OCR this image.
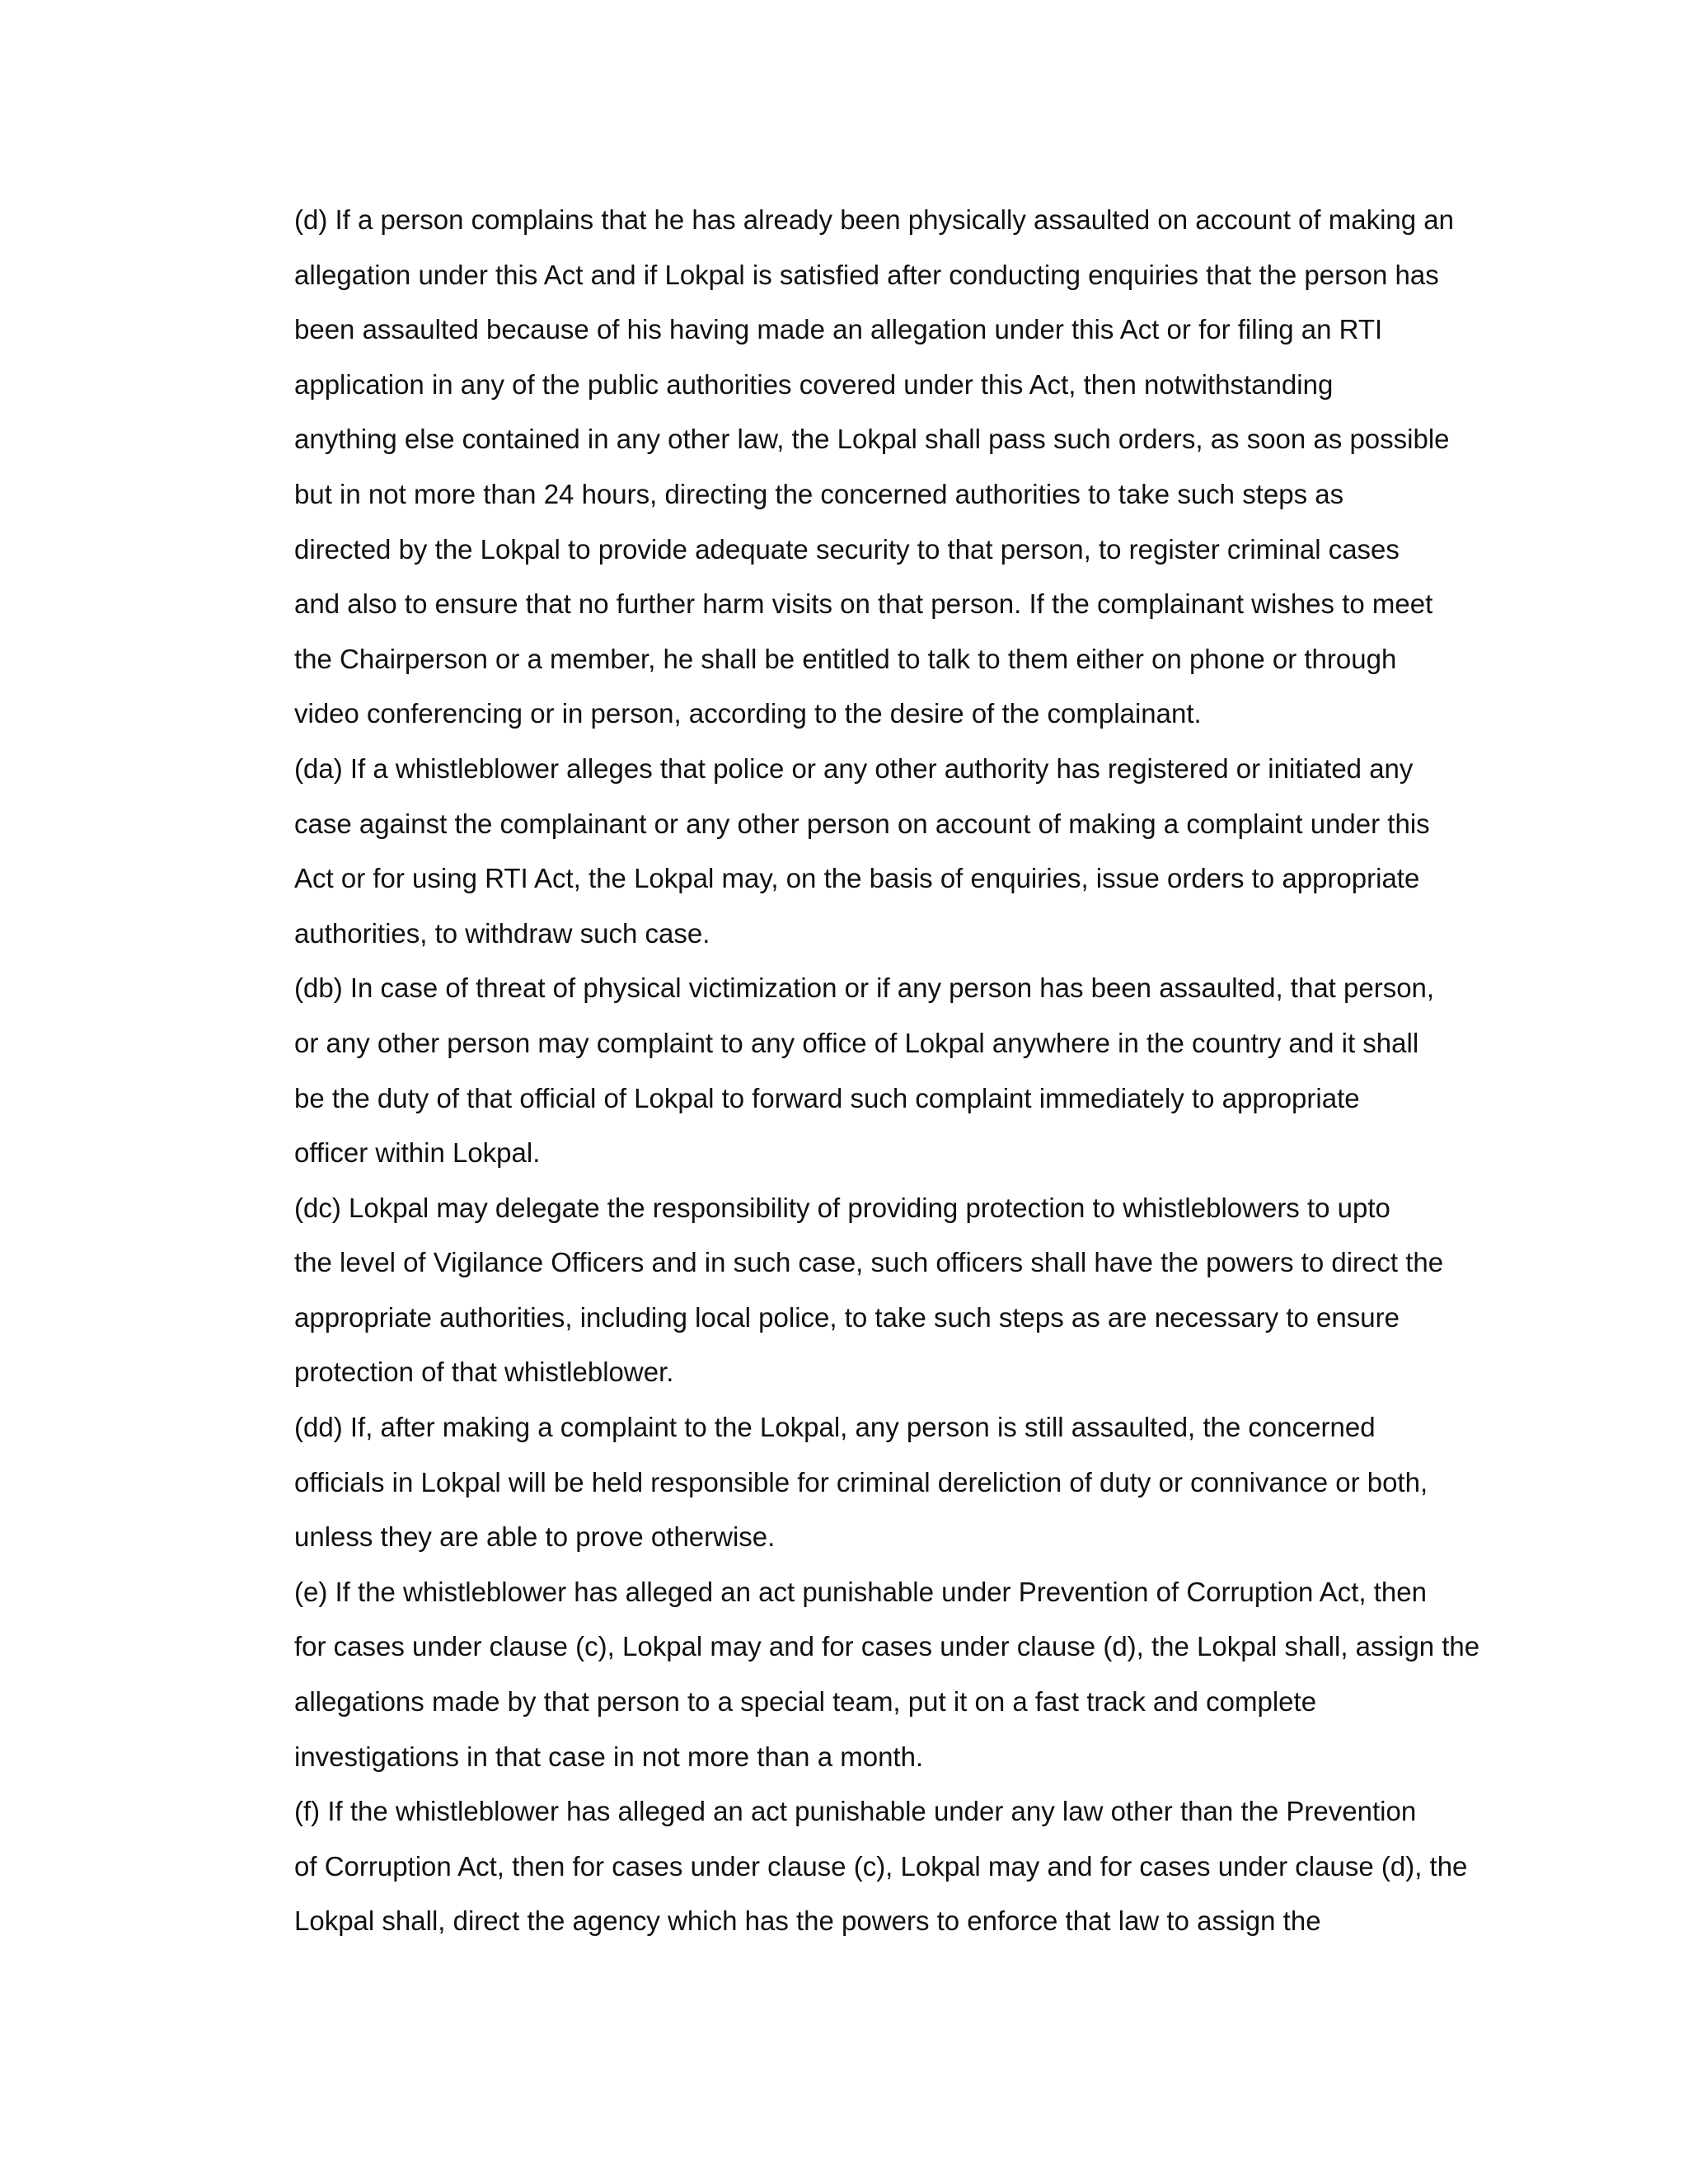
(d) If a person complains that he has already been physically assaulted on account of making an
allegation under this Act and if Lokpal is satisfied after conducting enquiries that the person has
been assaulted because of his having made an allegation under this Act or for filing an RTI
application in any of the public authorities covered under this Act, then notwithstanding
anything else contained in any other law, the Lokpal shall pass such orders, as soon as possible
but in not more than 24 hours, directing the concerned authorities to take such steps as
directed by the Lokpal to provide adequate security to that person, to register criminal cases
and also to ensure that no further harm visits on that person. If the complainant wishes to meet
the Chairperson or a member, he shall be entitled to talk to them either on phone or through
video conferencing or in person, according to the desire of the complainant.
(da) If a whistleblower alleges that police or any other authority has registered or initiated any
case against the complainant or any other person on account of making a complaint under this
Act or for using RTI Act, the Lokpal may, on the basis of enquiries, issue orders to appropriate
authorities, to withdraw such case.
(db) In case of threat of physical victimization or if any person has been assaulted, that person,
or any other person may complaint to any office of Lokpal anywhere in the country and it shall
be the duty of that official of Lokpal to forward such complaint immediately to appropriate
officer within Lokpal.
(dc) Lokpal may delegate the responsibility of providing protection to whistleblowers to upto
the level of Vigilance Officers and in such case, such officers shall have the powers to direct the
appropriate authorities, including local police, to take such steps as are necessary to ensure
protection of that whistleblower.
(dd) If, after making a complaint to the Lokpal, any person is still assaulted, the concerned
officials in Lokpal will be held responsible for criminal dereliction of duty or connivance or both,
unless they are able to prove otherwise.
(e) If the whistleblower has alleged an act punishable under Prevention of Corruption Act, then
for cases under clause (c), Lokpal may and for cases under clause (d), the Lokpal shall, assign the
allegations made by that person to a special team, put it on a fast track and complete
investigations in that case in not more than a month.
(f) If the whistleblower has alleged an act punishable under any law other than the Prevention
of Corruption Act, then for cases under clause (c), Lokpal may and for cases under clause (d), the
Lokpal shall, direct the agency which has the powers to enforce that law to assign the
